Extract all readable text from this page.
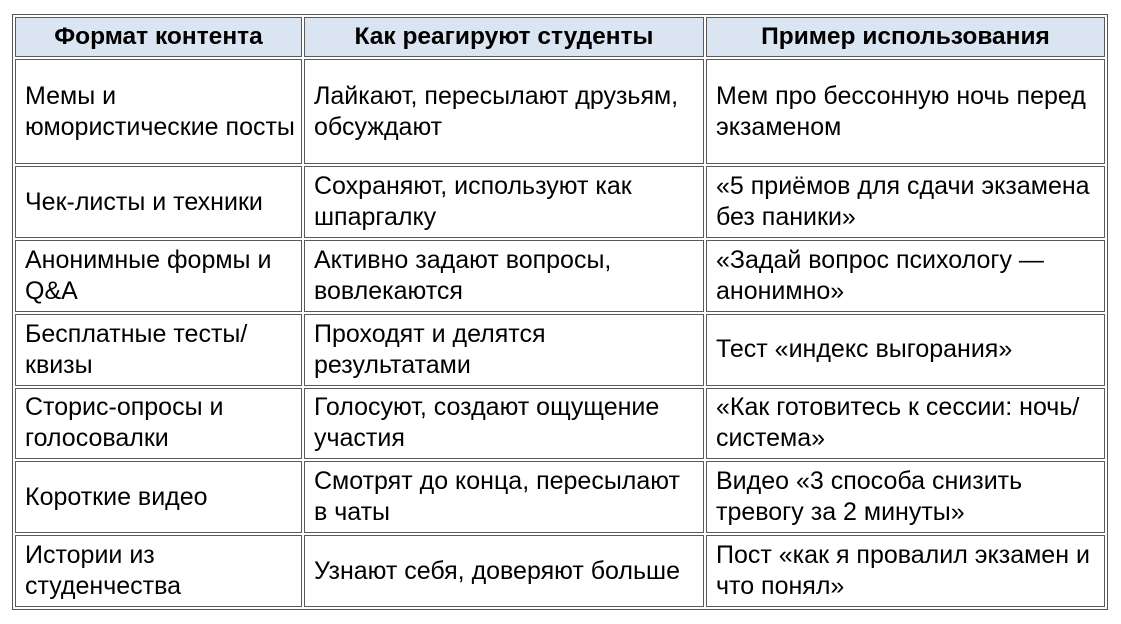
Формат контента	Как реагируют студенты	Пример использования
Мемы и юмористические посты	Лайкают, пересылают друзьям, обсуждают	Мем про бессонную ночь перед экзаменом
Чек-листы и техники	Сохраняют, используют как шпаргалку	«5 приёмов для сдачи экзамена без паники»
Анонимные формы и Q&A	Активно задают вопросы, вовлекаются	«Задай вопрос психологу — анонимно»
Бесплатные тесты/квизы	Проходят и делятся результатами	Тест «индекс выгорания»
Сторис-опросы и голосовалки	Голосуют, создают ощущение участия	«Как готовитесь к сессии: ночь/система»
Короткие видео	Смотрят до конца, пересылают в чаты	Видео «3 способа снизить тревогу за 2 минуты»
Истории из студенчества	Узнают себя, доверяют больше	Пост «как я провалил экзамен и что понял»
